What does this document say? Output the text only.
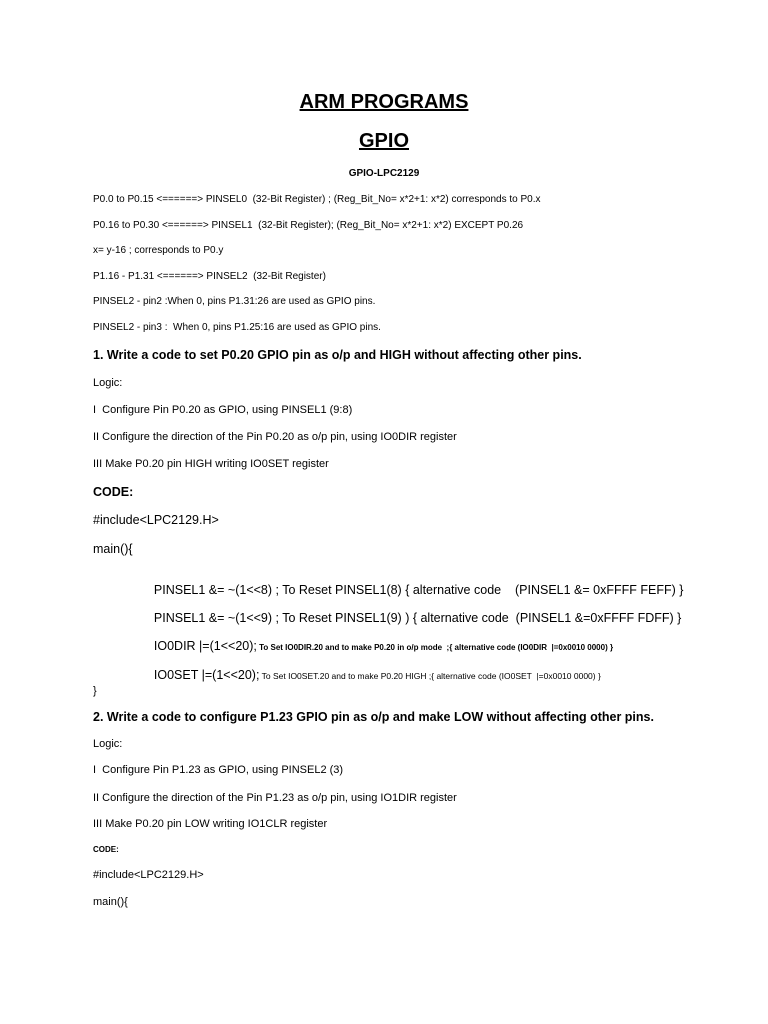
ARM PROGRAMS
GPIO
GPIO-LPC2129
P0.0 to P0.15 <======> PINSEL0  (32-Bit Register) ; (Reg_Bit_No= x*2+1: x*2) corresponds to P0.x
P0.16 to P0.30 <======> PINSEL1  (32-Bit Register); (Reg_Bit_No= x*2+1: x*2) EXCEPT P0.26
x= y-16 ; corresponds to P0.y
P1.16 - P1.31 <======> PINSEL2  (32-Bit Register)
PINSEL2 - pin2 :When 0, pins P1.31:26 are used as GPIO pins.
PINSEL2 - pin3 :  When 0, pins P1.25:16 are used as GPIO pins.
1. Write a code to set P0.20 GPIO pin as o/p and HIGH without affecting other pins.
Logic:
I  Configure Pin P0.20 as GPIO, using PINSEL1 (9:8)
II Configure the direction of the Pin P0.20 as o/p pin, using IO0DIR register
III Make P0.20 pin HIGH writing IO0SET register
CODE:
#include<LPC2129.H>
main(){

PINSEL1 &= ~(1<<8) ; To Reset PINSEL1(8) { alternative code    (PINSEL1 &= 0xFFFF FEFF) }

PINSEL1 &= ~(1<<9) ; To Reset PINSEL1(9) ) { alternative code  (PINSEL1 &=0xFFFF FDFF) }

IO0DIR |=(1<<20); To Set IO0DIR.20 and to make P0.20 in o/p mode  ;{ alternative code (IO0DIR  |=0x0010 0000) }

IO0SET |=(1<<20); To Set IO0SET.20 and to make P0.20 HIGH ;{ alternative code (IO0SET  |=0x0010 0000) }

}
2. Write a code to configure P1.23 GPIO pin as o/p and make LOW without affecting other pins.
Logic:
I  Configure Pin P1.23 as GPIO, using PINSEL2 (3)
II Configure the direction of the Pin P1.23 as o/p pin, using IO1DIR register
III Make P0.20 pin LOW writing IO1CLR register
CODE:
#include<LPC2129.H>
main(){
